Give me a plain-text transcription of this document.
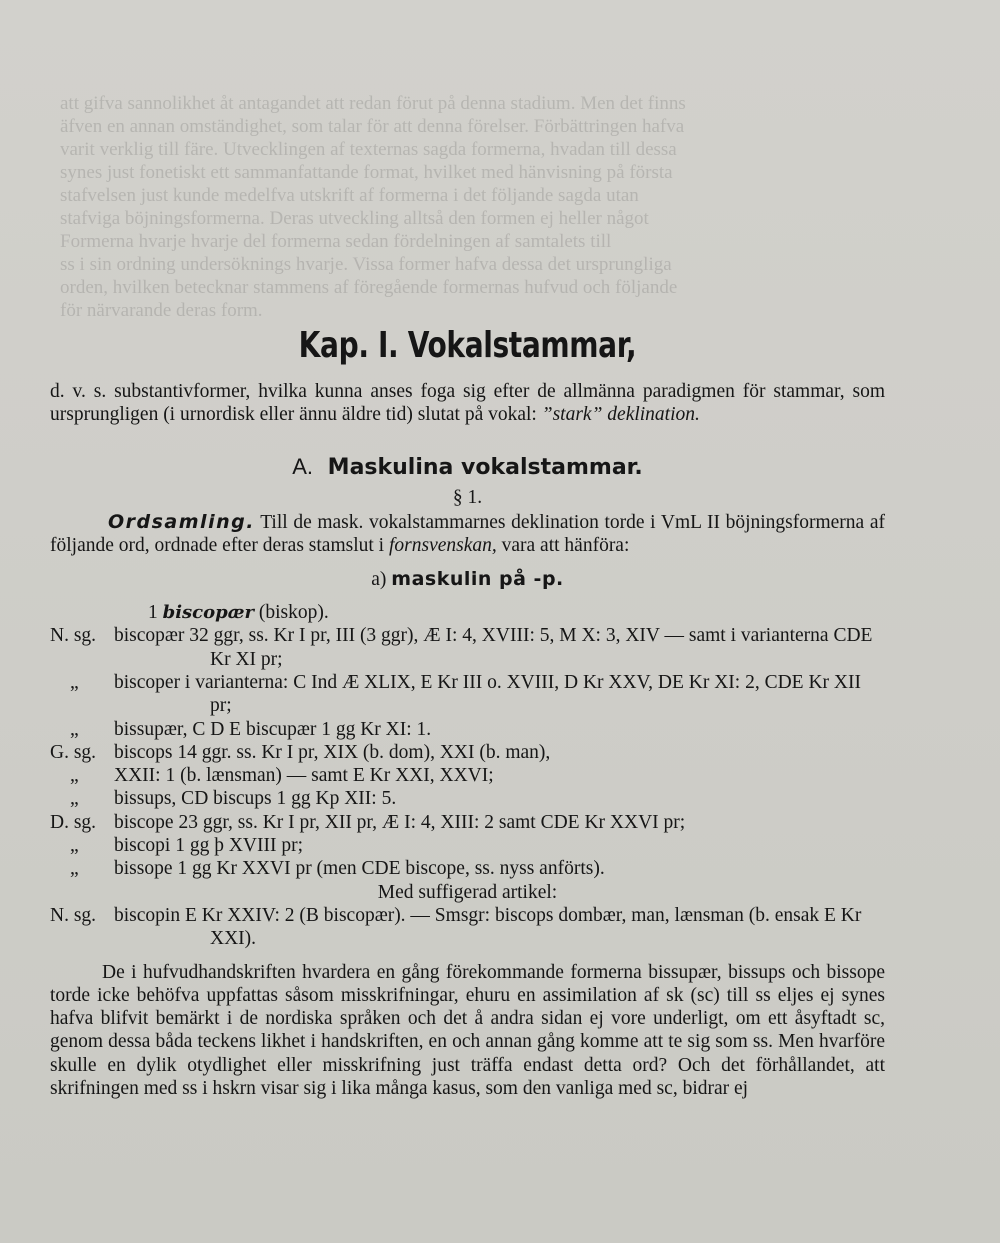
att gifva sannolikhet åt antagandet att redan förut på denna stadium. Men det finns
äfven en annan omständighet, som talar för att denna förelser. Förbättringen hafva
varit verklig till färe. Utvecklingen af texternas sagda formerna, hvadan till dessa
synes just fonetiskt ett sammanfattande format, hvilket med hänvisning på första
stafvelsen just kunde medelfva utskrift af formerna i det följande sagda utan
stafviga böjningsformerna. Deras utveckling alltså den formen ej heller något
Formerna hvarje hvarje del formerna sedan fördelningen af samtalets till
ss i sin ordning undersöknings hvarje. Vissa former hafva dessa det ursprungliga
orden, hvilken betecknar stammens af föregående formernas hufvud och följande
för närvarande deras form.
Kap. I. Vokalstammar,

d. v. s. substantivformer, hvilka kunna anses foga sig efter de allmänna paradigmen för stammar, som ursprungligen (i urnordisk eller ännu äldre tid) slutat på vokal: ”stark” deklination.

A. Maskulina vokalstammar.
§ 1.

Ordsamling. Till de mask. vokalstammarnes deklination torde i VmL II böjningsformerna af följande ord, ordnade efter deras stamslut i fornsvenskan, vara att hänföra:

a) maskulin på -p.
1 biscopær (biskop).
N. sg. biscopær 32 ggr, ss. Kr I pr, III (3 ggr), Æ I: 4, XVIII: 5, M X: 3, XIV — samt i varianterna CDE Kr XI pr;
„ biscoper i varianterna: C Ind Æ XLIX, E Kr III o. XVIII, D Kr XXV, DE Kr XI: 2, CDE Kr XII pr;
„ bissupær, C D E biscupær 1 gg Kr XI: 1.
G. sg. biscops 14 ggr. ss. Kr I pr, XIX (b. dom), XXI (b. man),
„ XXII: 1 (b. lænsman) — samt E Kr XXI, XXVI;
„ bissups, CD biscups 1 gg Kp XII: 5.
D. sg. biscope 23 ggr, ss. Kr I pr, XII pr, Æ I: 4, XIII: 2 samt CDE Kr XXVI pr;
„ biscopi 1 gg þ XVIII pr;
„ bissope 1 gg Kr XXVI pr (men CDE biscope, ss. nyss anförts).
Med suffigerad artikel:
N. sg. biscopin E Kr XXIV: 2 (B biscopær). — Smsgr: biscops dombær, man, lænsman (b. ensak E Kr XXI).

De i hufvudhandskriften hvardera en gång förekommande formerna bissupær, bissups och bissope torde icke behöfva uppfattas såsom misskrifningar, ehuru en assimilation af sk (sc) till ss eljes ej synes hafva blifvit bemärkt i de nordiska språken och det å andra sidan ej vore underligt, om ett åsyftadt sc, genom dessa båda teckens likhet i handskriften, en och annan gång komme att te sig som ss. Men hvarföre skulle en dylik otydlighet eller misskrifning just träffa endast detta ord? Och det förhållandet, att skrifningen med ss i hskrn visar sig i lika många kasus, som den vanliga med sc, bidrar ej
